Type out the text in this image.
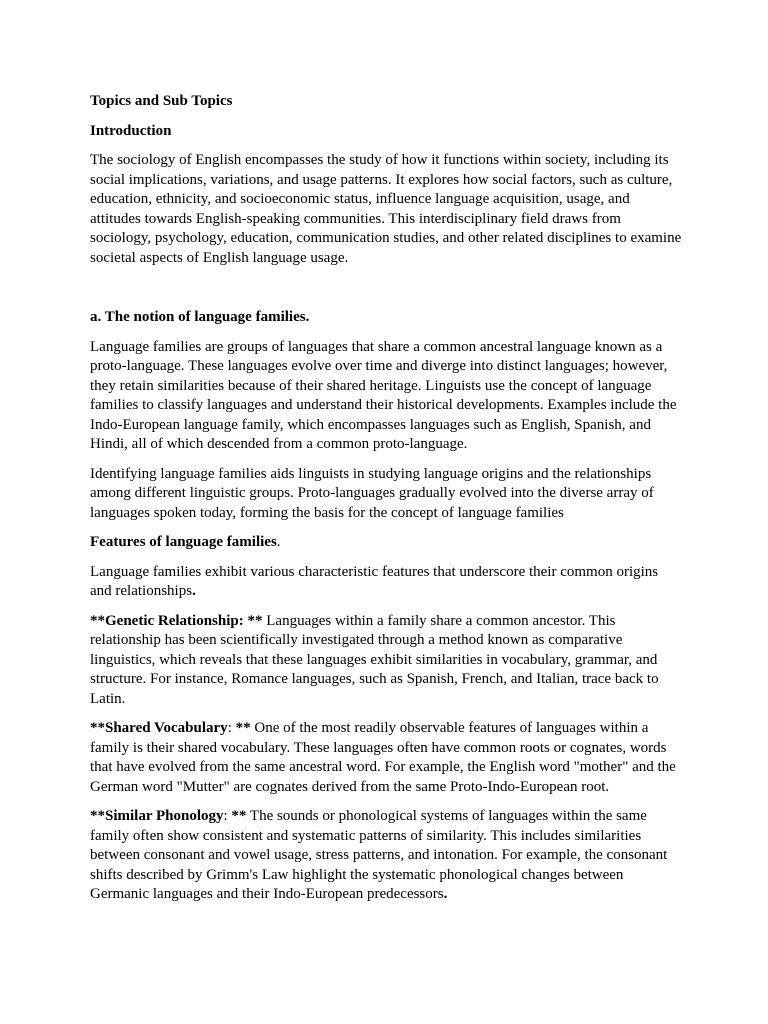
Topics and Sub Topics

Introduction

The sociology of English encompasses the study of how it functions within society, including its social implications, variations, and usage patterns. It explores how social factors, such as culture, education, ethnicity, and socioeconomic status, influence language acquisition, usage, and attitudes towards English-speaking communities. This interdisciplinary field draws from sociology, psychology, education, communication studies, and other related disciplines to examine societal aspects of English language usage.

a. The notion of language families.

Language families are groups of languages that share a common ancestral language known as a proto-language. These languages evolve over time and diverge into distinct languages; however, they retain similarities because of their shared heritage. Linguists use the concept of language families to classify languages and understand their historical developments. Examples include the Indo-European language family, which encompasses languages such as English, Spanish, and Hindi, all of which descended from a common proto-language.

Identifying language families aids linguists in studying language origins and the relationships among different linguistic groups. Proto-languages gradually evolved into the diverse array of languages spoken today, forming the basis for the concept of language families

Features of language families.

Language families exhibit various characteristic features that underscore their common origins and relationships.

**Genetic Relationship: ** Languages within a family share a common ancestor. This relationship has been scientifically investigated through a method known as comparative linguistics, which reveals that these languages exhibit similarities in vocabulary, grammar, and structure. For instance, Romance languages, such as Spanish, French, and Italian, trace back to Latin.

**Shared Vocabulary: ** One of the most readily observable features of languages within a family is their shared vocabulary. These languages often have common roots or cognates, words that have evolved from the same ancestral word. For example, the English word "mother" and the German word "Mutter" are cognates derived from the same Proto-Indo-European root.

**Similar Phonology: ** The sounds or phonological systems of languages within the same family often show consistent and systematic patterns of similarity. This includes similarities between consonant and vowel usage, stress patterns, and intonation. For example, the consonant shifts described by Grimm's Law highlight the systematic phonological changes between Germanic languages and their Indo-European predecessors.
